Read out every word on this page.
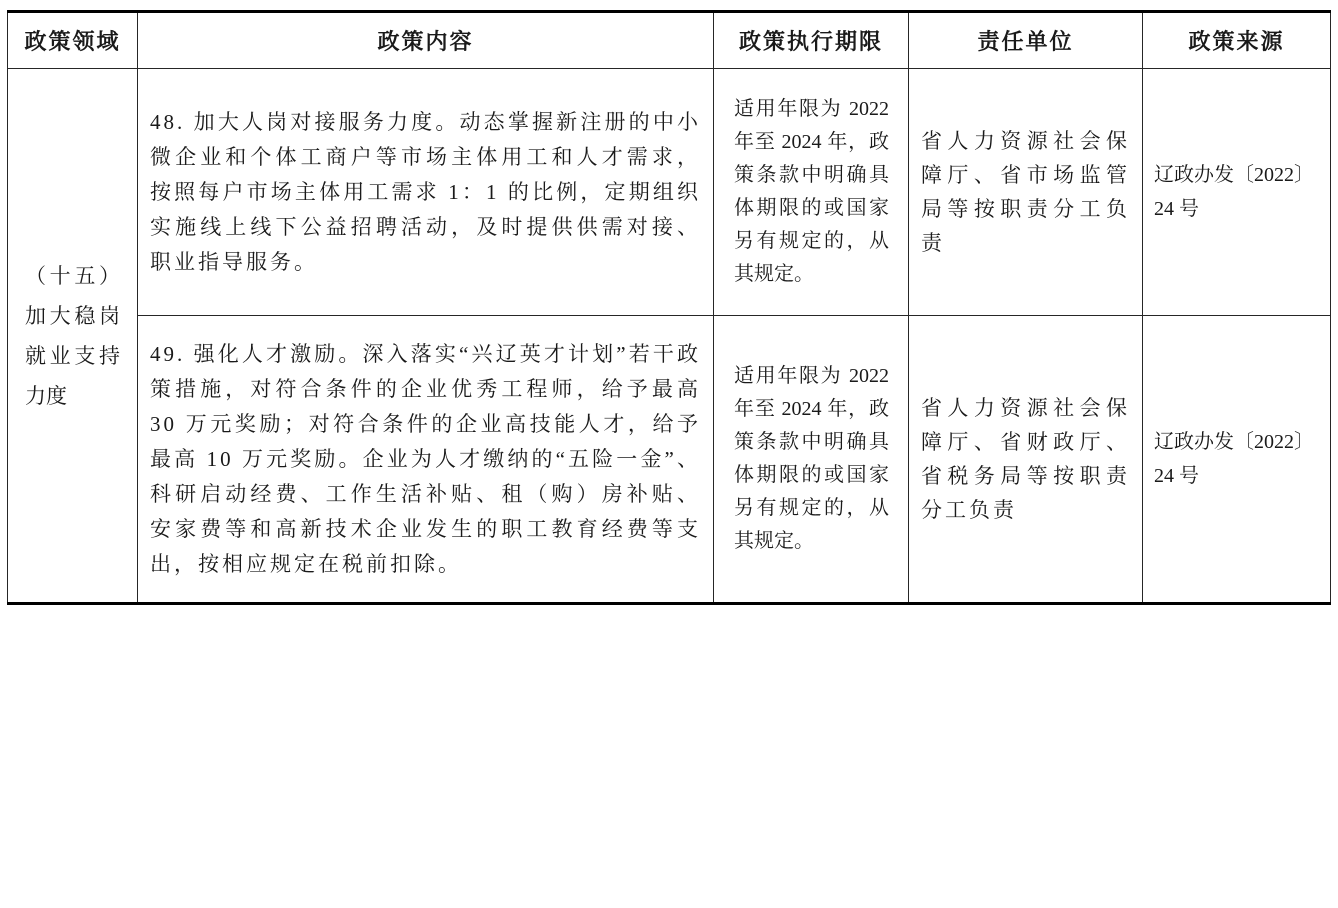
政策领域	政策内容	政策执行期限	责任单位	政策来源
（十五）加大稳岗就业支持力度	48. 加大人岗对接服务力度。动态掌握新注册的中小微企业和个体工商户等市场主体用工和人才需求，按照每户市场主体用工需求 1：1 的比例，定期组织实施线上线下公益招聘活动，及时提供供需对接、职业指导服务。	适用年限为 2022 年至 2024 年，政策条款中明确具体期限的或国家另有规定的，从其规定。	省人力资源社会保障厅、省市场监管局等按职责分工负责	辽政办发〔2022〕24 号
	49. 强化人才激励。深入落实“兴辽英才计划”若干政策措施，对符合条件的企业优秀工程师，给予最高 30 万元奖励；对符合条件的企业高技能人才，给予最高 10 万元奖励。企业为人才缴纳的“五险一金”、科研启动经费、工作生活补贴、租（购）房补贴、安家费等和高新技术企业发生的职工教育经费等支出，按相应规定在税前扣除。	适用年限为 2022 年至 2024 年，政策条款中明确具体期限的或国家另有规定的，从其规定。	省人力资源社会保障厅、省财政厅、省税务局等按职责分工负责	辽政办发〔2022〕24 号
